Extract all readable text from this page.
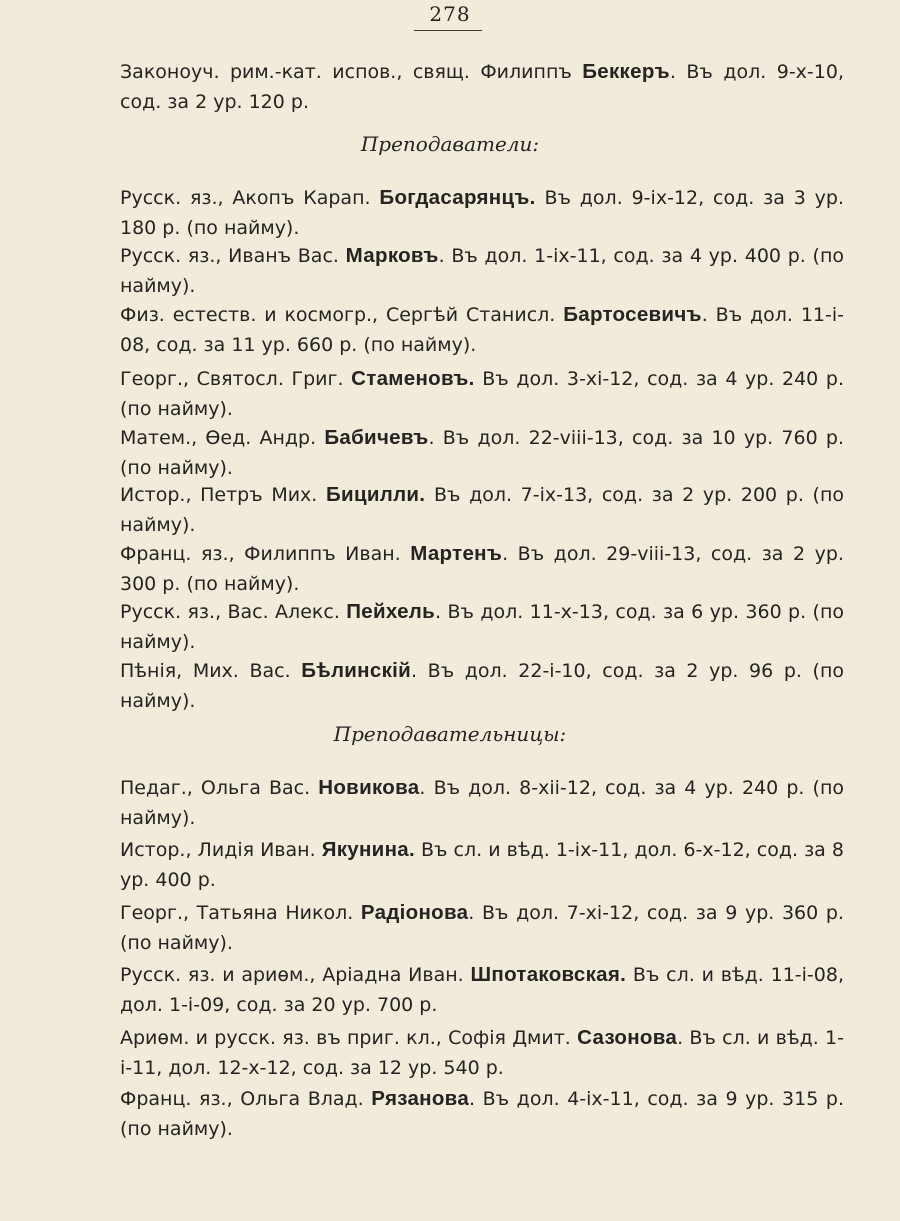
278
Законоуч. рим.-кат. испов., свящ. Филиппъ Беккеръ. Въ дол. 9-х-10, сод. за 2 ур. 120 р.
Преподаватели:
Русск. яз., Акопъ Карап. Богдасарянцъ. Въ дол. 9-ix-12, сод. за 3 ур. 180 р. (по найму).
Русск. яз., Иванъ Вас. Марковъ. Въ дол. 1-ix-11, сод. за 4 ур. 400 р. (по найму).
Физ. естеств. и космогр., Сергѣй Станисл. Бартосевичъ. Въ дол. 11-i-08, сод. за 11 ур. 660 р. (по найму).
Георг., Святосл. Григ. Стаменовъ. Въ дол. 3-xi-12, сод. за 4 ур. 240 р. (по найму).
Матем., Ѳед. Андр. Бабичевъ. Въ дол. 22-viii-13, сод. за 10 ур. 760 р. (по найму).
Истор., Петръ Мих. Бицилли. Въ дол. 7-ix-13, сод. за 2 ур. 200 р. (по найму).
Франц. яз., Филиппъ Иван. Мартенъ. Въ дол. 29-viii-13, сод. за 2 ур. 300 р. (по найму).
Русск. яз., Вас. Алекс. Пейхель. Въ дол. 11-x-13, сод. за 6 ур. 360 р. (по найму).
Пѣнія, Мих. Вас. Бѣлинскій. Въ дол. 22-i-10, сод. за 2 ур. 96 р. (по найму).
Преподавательницы:
Педаг., Ольга Вас. Новикова. Въ дол. 8-xii-12, сод. за 4 ур. 240 р. (по найму).
Истор., Лидія Иван. Якунина. Въ сл. и вѣд. 1-ix-11, дол. 6-x-12, сод. за 8 ур. 400 р.
Георг., Татьяна Никол. Радіонова. Въ дол. 7-xi-12, сод. за 9 ур. 360 р. (по найму).
Русск. яз. и ариѳм., Аріадна Иван. Шпотаковская. Въ сл. и вѣд. 11-i-08, дол. 1-i-09, сод. за 20 ур. 700 р.
Ариѳм. и русск. яз. въ приг. кл., Софія Дмит. Сазонова. Въ сл. и вѣд. 1-i-11, дол. 12-x-12, сод. за 12 ур. 540 р.
Франц. яз., Ольга Влад. Рязанова. Въ дол. 4-ix-11, сод. за 9 ур. 315 р. (по найму).
